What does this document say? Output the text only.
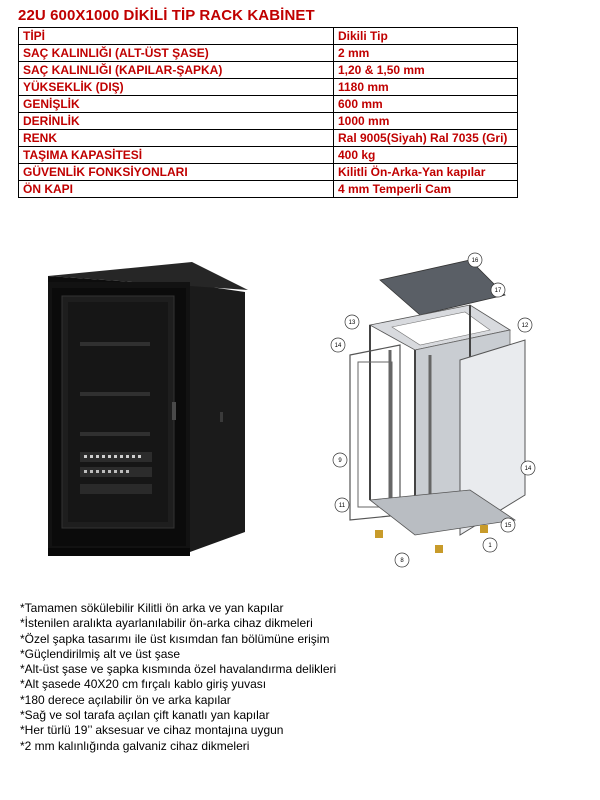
22U 600X1000 DİKİLİ TİP RACK KABİNET
TİPİ	Dikili Tip
SAÇ KALINLIĞI (ALT-ÜST ŞASE)	2 mm
SAÇ KALINLIĞI (KAPILAR-ŞAPKA)	1,20 & 1,50 mm
YÜKSEKLİK (DIŞ)	1180 mm
GENİŞLİK	600 mm
DERİNLİK	1000 mm
RENK	Ral 9005(Siyah) Ral 7035 (Gri)
TAŞIMA KAPASİTESİ	400 kg
GÜVENLİK FONKSİYONLARI	Kilitli Ön-Arka-Yan kapılar
ÖN KAPI	4 mm Temperli Cam
16
17
13	12
14
9
11
14
15
8
1
*Tamamen sökülebilir Kilitli ön arka ve yan kapılar
*İstenilen aralıkta ayarlanılabilir ön-arka cihaz dikmeleri
*Özel şapka tasarımı ile üst kısımdan fan bölümüne erişim
*Güçlendirilmiş alt ve üst şase
*Alt-üst şase ve şapka kısmında özel havalandırma delikleri
*Alt şasede 40X20 cm fırçalı kablo giriş yuvası
*180 derece açılabilir ön ve arka kapılar
*Sağ ve sol tarafa açılan çift kanatlı yan kapılar
*Her türlü 19’’ aksesuar ve cihaz montajına uygun
*2 mm kalınlığında galvaniz cihaz dikmeleri
